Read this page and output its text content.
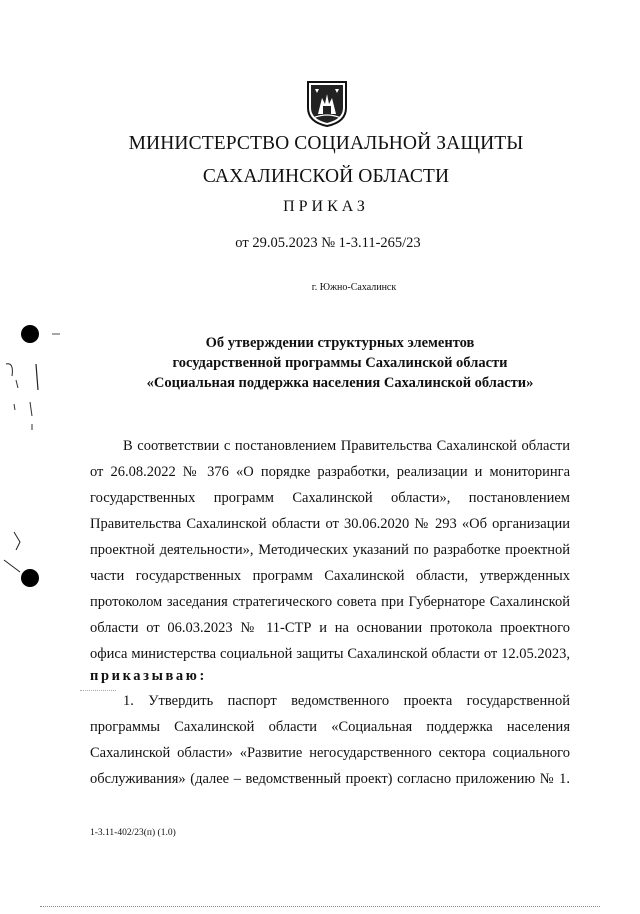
МИНИСТЕРСТВО СОЦИАЛЬНОЙ ЗАЩИТЫ
САХАЛИНСКОЙ ОБЛАСТИ
ПРИКАЗ
от 29.05.2023 № 1-3.11-265/23
г. Южно-Сахалинск
Об утверждении структурных элементов
государственной программы Сахалинской области
«Социальная поддержка населения Сахалинской области»
В соответствии с постановлением Правительства Сахалинской области
от 26.08.2022 № 376 «О порядке разработки, реализации и мониторинга
государственных программ Сахалинской области», постановлением
Правительства Сахалинской области от 30.06.2020 № 293 «Об организации
проектной деятельности», Методических указаний по разработке проектной
части государственных программ Сахалинской области, утвержденных
протоколом заседания стратегического совета при Губернаторе Сахалинской
области от 06.03.2023 № 11-СТР и на основании протокола проектного
офиса министерства социальной защиты Сахалинской области от 12.05.2023,
приказываю:
1. Утвердить паспорт ведомственного проекта государственной
программы Сахалинской области «Социальная поддержка населения
Сахалинской области» «Развитие негосударственного сектора социального
обслуживания» (далее – ведомственный проект) согласно приложению № 1.
1-3.11-402/23(п) (1.0)
